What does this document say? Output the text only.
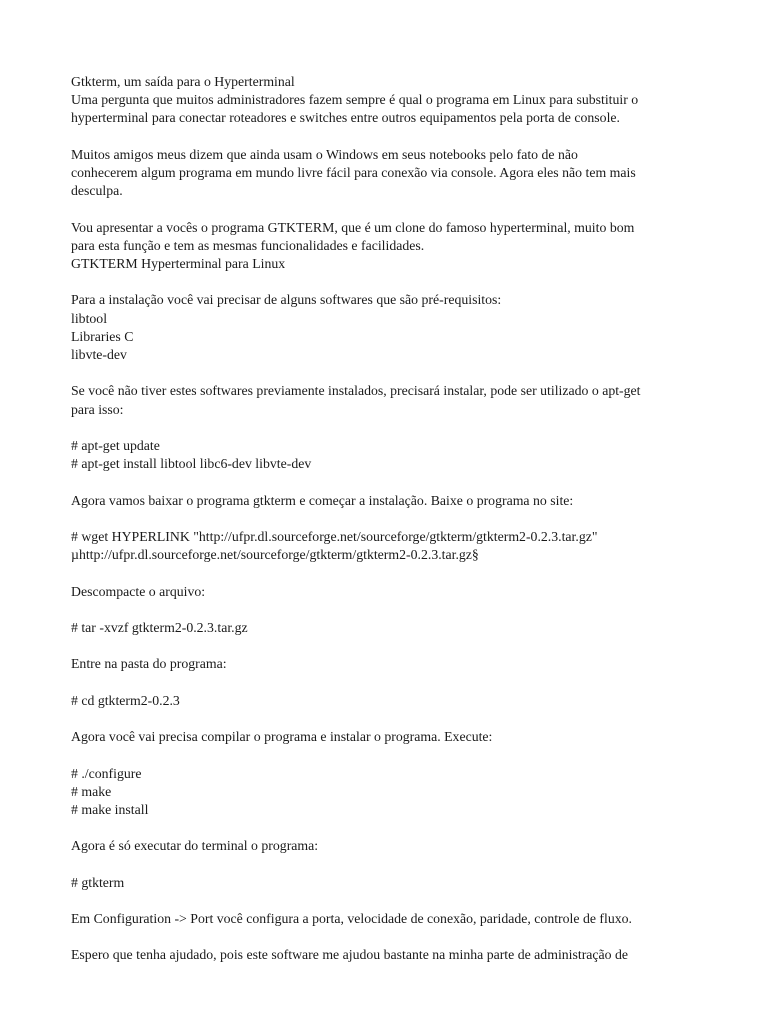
Gtkterm, um saída para o Hyperterminal
Uma pergunta que muitos administradores fazem sempre é qual o programa em Linux para substituir o
hyperterminal para conectar roteadores e switches entre outros equipamentos pela porta de console.
Muitos amigos meus dizem que ainda usam o Windows em seus notebooks pelo fato de não
conhecerem algum programa em mundo livre fácil para conexão via console. Agora eles não tem mais
desculpa.
Vou apresentar a vocês o programa GTKTERM, que é um clone do famoso hyperterminal, muito bom
para esta função e tem as mesmas funcionalidades e facilidades.
GTKTERM Hyperterminal para Linux
Para a instalação você vai precisar de alguns softwares que são pré-requisitos:
libtool
Libraries C
libvte-dev
Se você não tiver estes softwares previamente instalados, precisará instalar, pode ser utilizado o apt-get
para isso:
# apt-get update
# apt-get install libtool libc6-dev libvte-dev
Agora vamos baixar o programa gtkterm e começar a instalação. Baixe o programa no site:
# wget HYPERLINK "http://ufpr.dl.sourceforge.net/sourceforge/gtkterm/gtkterm2-0.2.3.tar.gz"
µhttp://ufpr.dl.sourceforge.net/sourceforge/gtkterm/gtkterm2-0.2.3.tar.gz§
Descompacte o arquivo:
# tar -xvzf gtkterm2-0.2.3.tar.gz
Entre na pasta do programa:
# cd gtkterm2-0.2.3
Agora você vai precisa compilar o programa e instalar o programa. Execute:
# ./configure
# make
# make install
Agora é só executar do terminal o programa:
# gtkterm
Em Configuration -> Port você configura a porta, velocidade de conexão, paridade, controle de fluxo.
Espero que tenha ajudado, pois este software me ajudou bastante na minha parte de administração de
